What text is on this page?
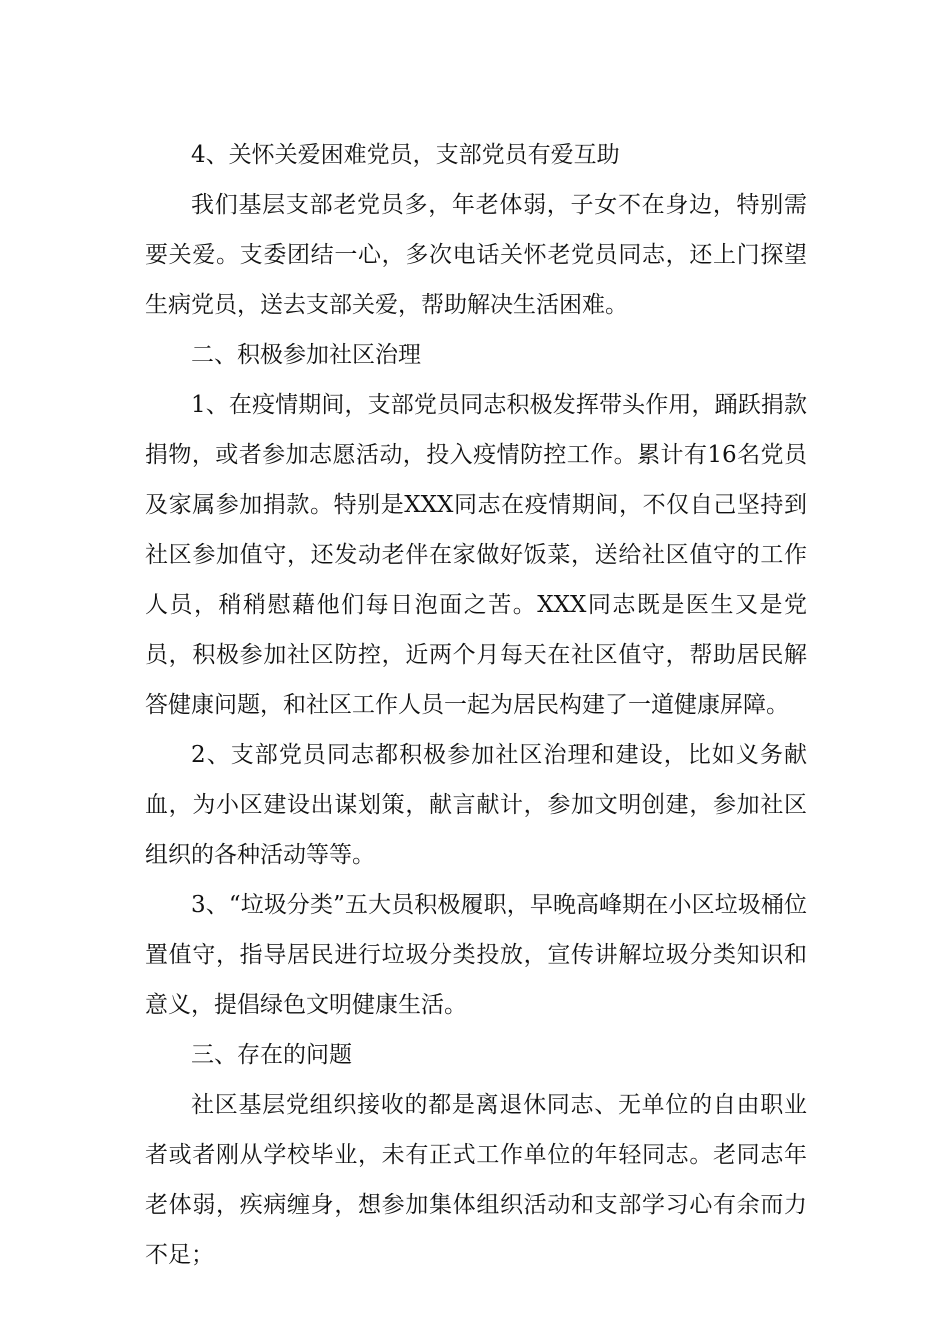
4、关怀关爱困难党员，支部党员有爱互助

我们基层支部老党员多，年老体弱，子女不在身边，特别需要关爱。支委团结一心，多次电话关怀老党员同志，还上门探望生病党员，送去支部关爱，帮助解决生活困难。

二、积极参加社区治理

1、在疫情期间，支部党员同志积极发挥带头作用，踊跃捐款捐物，或者参加志愿活动，投入疫情防控工作。累计有16名党员及家属参加捐款。特别是XXX同志在疫情期间，不仅自己坚持到社区参加值守，还发动老伴在家做好饭菜，送给社区值守的工作人员，稍稍慰藉他们每日泡面之苦。XXX同志既是医生又是党员，积极参加社区防控，近两个月每天在社区值守，帮助居民解答健康问题，和社区工作人员一起为居民构建了一道健康屏障。

2、支部党员同志都积极参加社区治理和建设，比如义务献血，为小区建设出谋划策，献言献计，参加文明创建，参加社区组织的各种活动等等。

3、“垃圾分类”五大员积极履职，早晚高峰期在小区垃圾桶位置值守，指导居民进行垃圾分类投放，宣传讲解垃圾分类知识和意义，提倡绿色文明健康生活。

三、存在的问题

社区基层党组织接收的都是离退休同志、无单位的自由职业者或者刚从学校毕业，未有正式工作单位的年轻同志。老同志年老体弱，疾病缠身，想参加集体组织活动和支部学习心有余而力不足；
